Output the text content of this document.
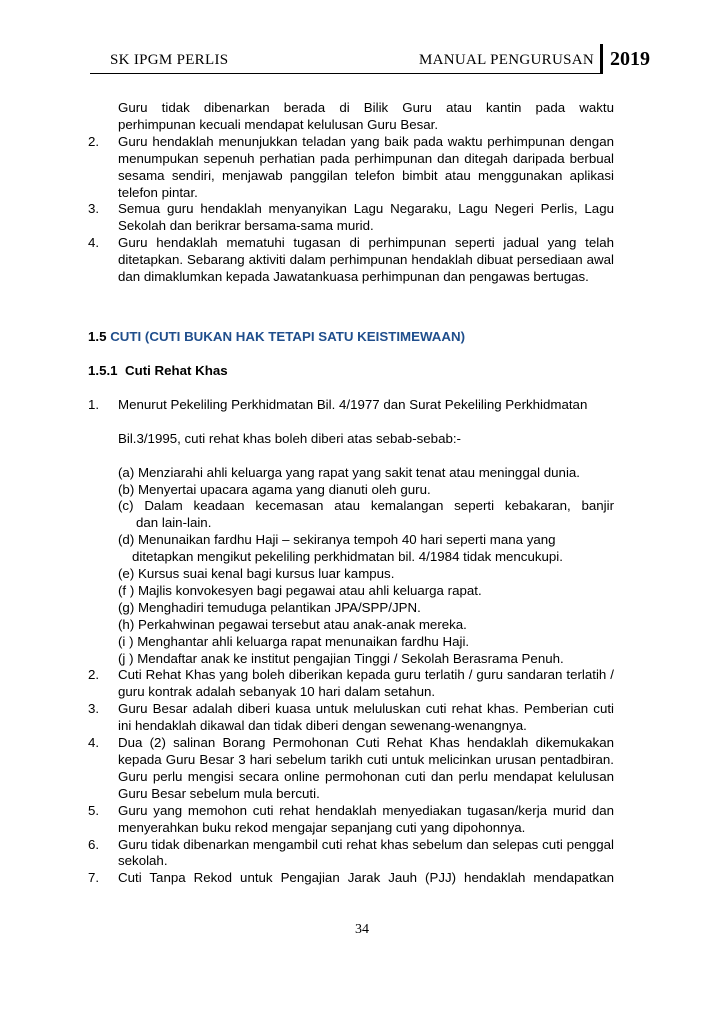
SK IPGM PERLIS	MANUAL PENGURUSAN 2019
Guru tidak dibenarkan berada di Bilik Guru atau kantin pada waktu
perhimpunan kecuali mendapat kelulusan Guru Besar.
2.	Guru hendaklah menunjukkan teladan yang baik pada waktu perhimpunan dengan menumpukan sepenuh perhatian pada perhimpunan dan ditegah daripada berbual sesama sendiri, menjawab panggilan telefon bimbit atau menggunakan aplikasi telefon pintar.
3.	Semua guru hendaklah menyanyikan Lagu Negaraku, Lagu Negeri Perlis, Lagu Sekolah dan berikrar bersama-sama murid.
4.	Guru hendaklah mematuhi tugasan di perhimpunan seperti jadual yang telah ditetapkan. Sebarang aktiviti dalam perhimpunan hendaklah dibuat persediaan awal dan dimaklumkan kepada Jawatankuasa perhimpunan dan pengawas bertugas.
1.5 CUTI (CUTI BUKAN HAK TETAPI SATU KEISTIMEWAAN)
1.5.1 Cuti Rehat Khas
1.	Menurut Pekeliling Perkhidmatan Bil. 4/1977 dan Surat Pekeliling Perkhidmatan
Bil.3/1995, cuti rehat khas boleh diberi atas sebab-sebab:-
(a) Menziarahi ahli keluarga yang rapat yang sakit tenat atau meninggal dunia.
(b) Menyertai upacara agama yang dianuti oleh guru.
(c) Dalam keadaan kecemasan atau kemalangan seperti kebakaran, banjir
dan lain-lain.
(d) Menunaikan fardhu Haji – sekiranya tempoh 40 hari seperti mana yang
ditetapkan mengikut pekeliling perkhidmatan bil. 4/1984 tidak mencukupi.
(e) Kursus suai kenal bagi kursus luar kampus.
(f ) Majlis konvokesyen bagi pegawai atau ahli keluarga rapat.
(g) Menghadiri temuduga pelantikan JPA/SPP/JPN.
(h) Perkahwinan pegawai tersebut atau anak-anak mereka.
(i ) Menghantar ahli keluarga rapat menunaikan fardhu Haji.
(j ) Mendaftar anak ke institut pengajian Tinggi / Sekolah Berasrama Penuh.
2.	Cuti Rehat Khas yang boleh diberikan kepada guru terlatih / guru sandaran terlatih / guru kontrak adalah sebanyak 10 hari dalam setahun.
3.	Guru Besar adalah diberi kuasa untuk meluluskan cuti rehat khas. Pemberian cuti ini hendaklah dikawal dan tidak diberi dengan sewenang-wenangnya.
4.	Dua (2) salinan Borang Permohonan Cuti Rehat Khas hendaklah dikemukakan kepada Guru Besar 3 hari sebelum tarikh cuti untuk melicinkan urusan pentadbiran. Guru perlu mengisi secara online permohonan cuti dan perlu mendapat kelulusan Guru Besar sebelum mula bercuti.
5.	Guru yang memohon cuti rehat hendaklah menyediakan tugasan/kerja murid dan menyerahkan buku rekod mengajar sepanjang cuti yang dipohonnya.
6.	Guru tidak dibenarkan mengambil cuti rehat khas sebelum dan selepas cuti penggal sekolah.
7.	Cuti Tanpa Rekod untuk Pengajian Jarak Jauh (PJJ) hendaklah mendapatkan
34
